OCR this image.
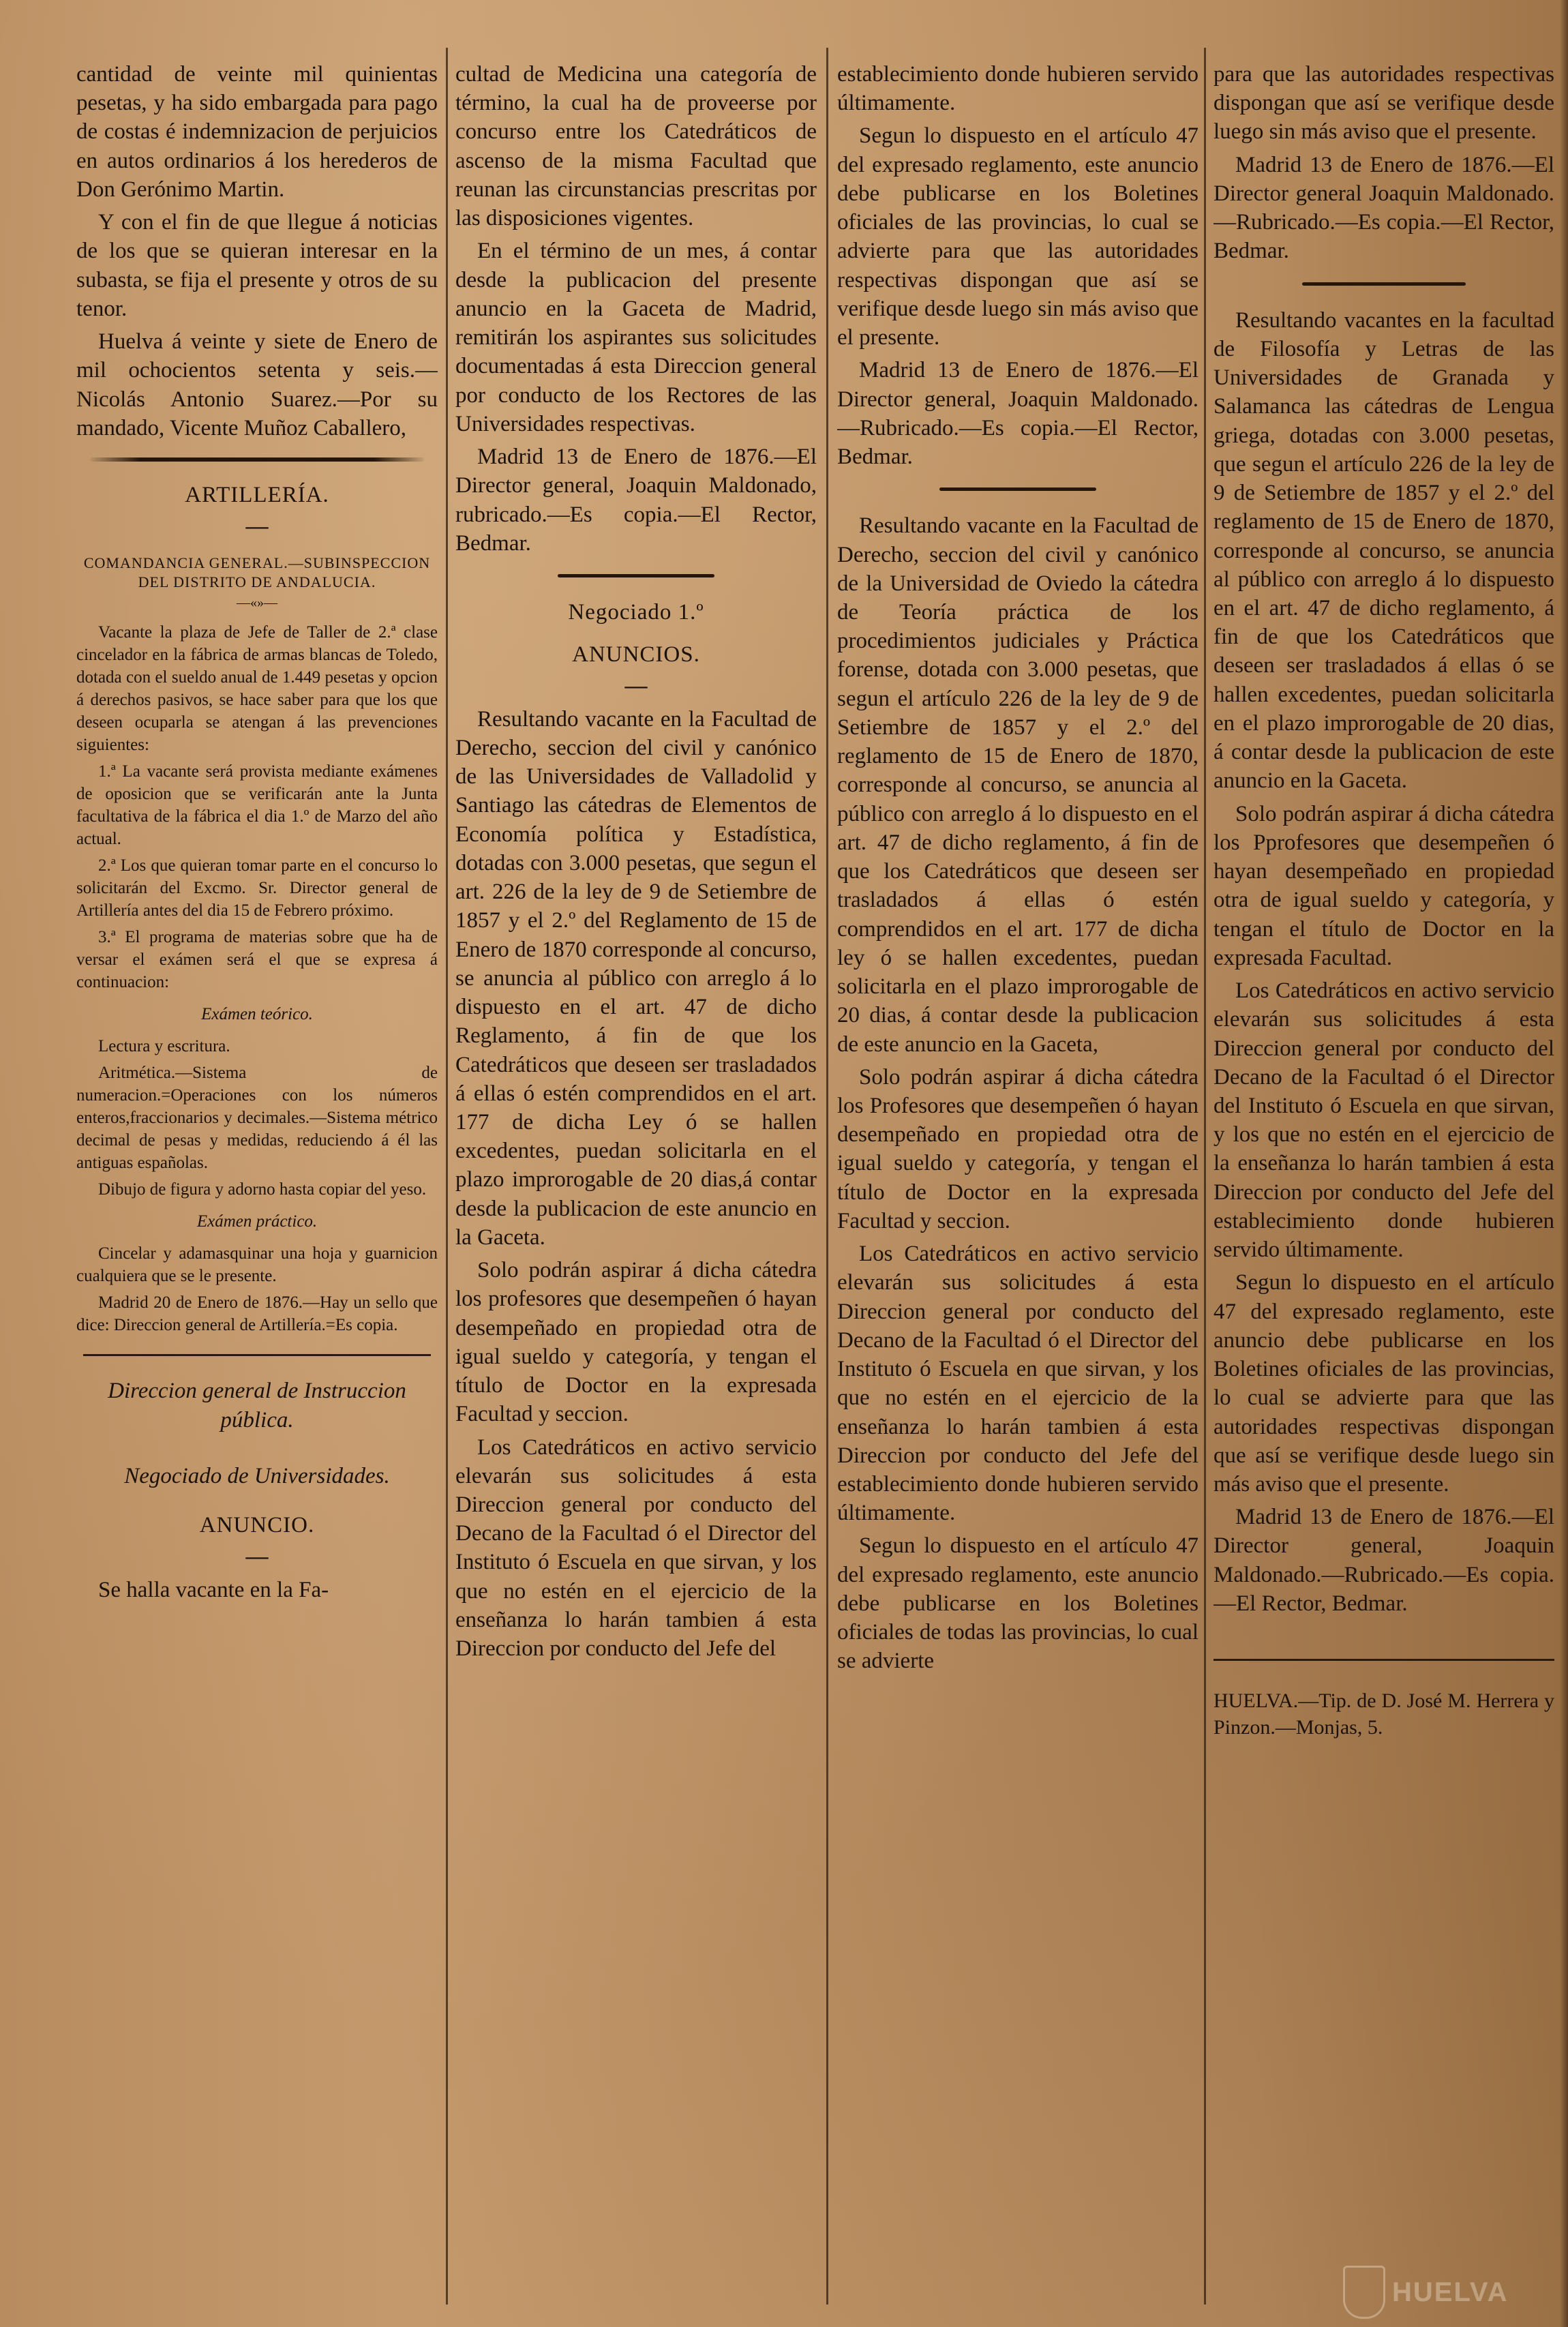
cantidad de veinte mil quinientas pesetas, y ha sido embargada para pago de costas é indemnizacion de perjuicios en autos ordinarios á los herederos de Don Gerónimo Martin.

Y con el fin de que llegue á noticias de los que se quieran interesar en la subasta, se fija el presente y otros de su tenor.

Huelva á veinte y siete de Enero de mil ochocientos setenta y seis.—Nicolás Antonio Suarez.—Por su mandado, Vicente Muñoz Caballero,

ARTILLERÍA.
—
COMANDANCIA GENERAL.—SUBINSPECCION DEL DISTRITO DE ANDALUCIA.
—«»—

Vacante la plaza de Jefe de Taller de 2.ª clase cincelador en la fábrica de armas blancas de Toledo, dotada con el sueldo anual de 1.449 pesetas y opcion á derechos pasivos, se hace saber para que los que deseen ocuparla se atengan á las prevenciones siguientes:

1.ª La vacante será provista mediante exámenes de oposicion que se verificarán ante la Junta facultativa de la fábrica el dia 1.º de Marzo del año actual.

2.ª Los que quieran tomar parte en el concurso lo solicitarán del Excmo. Sr. Director general de Artillería antes del dia 15 de Febrero próximo.

3.ª El programa de materias sobre que ha de versar el exámen será el que se expresa á continuacion:

Exámen teórico.

Lectura y escritura.

Aritmética.—Sistema de numeracion.=Operaciones con los números enteros,fraccionarios y decimales.—Sistema métrico decimal de pesas y medidas, reduciendo á él las antiguas españolas.

Dibujo de figura y adorno hasta copiar del yeso.

Exámen práctico.

Cincelar y adamasquinar una hoja y guarnicion cualquiera que se le presente.

Madrid 20 de Enero de 1876.—Hay un sello que dice: Direccion general de Artillería.=Es copia.

Direccion general de Instruccion pública.

Negociado de Universidades.

ANUNCIO.
—

Se halla vacante en la Fa-

cultad de Medicina una categoría de término, la cual ha de proveerse por concurso entre los Catedráticos de ascenso de la misma Facultad que reunan las circunstancias prescritas por las disposiciones vigentes.

En el término de un mes, á contar desde la publicacion del presente anuncio en la Gaceta de Madrid, remitirán los aspirantes sus solicitudes documentadas á esta Direccion general por conducto de los Rectores de las Universidades respectivas.

Madrid 13 de Enero de 1876.—El Director general, Joaquin Maldonado, rubricado.—Es copia.—El Rector, Bedmar.

Negociado 1.º
ANUNCIOS.
—

Resultando vacante en la Facultad de Derecho, seccion del civil y canónico de las Universidades de Valladolid y Santiago las cátedras de Elementos de Economía política y Estadística, dotadas con 3.000 pesetas, que segun el art. 226 de la ley de 9 de Setiembre de 1857 y el 2.º del Reglamento de 15 de Enero de 1870 corresponde al concurso, se anuncia al público con arreglo á lo dispuesto en el art. 47 de dicho Reglamento, á fin de que los Catedráticos que deseen ser trasladados á ellas ó estén comprendidos en el art. 177 de dicha Ley ó se hallen excedentes, puedan solicitarla en el plazo improrogable de 20 dias,á contar desde la publicacion de este anuncio en la Gaceta.

Solo podrán aspirar á dicha cátedra los profesores que desempeñen ó hayan desempeñado en propiedad otra de igual sueldo y categoría, y tengan el título de Doctor en la expresada Facultad y seccion.

Los Catedráticos en activo servicio elevarán sus solicitudes á esta Direccion general por conducto del Decano de la Facultad ó el Director del Instituto ó Escuela en que sirvan, y los que no estén en el ejercicio de la enseñanza lo harán tambien á esta Direccion por conducto del Jefe del

establecimiento donde hubieren servido últimamente.

Segun lo dispuesto en el artículo 47 del expresado reglamento, este anuncio debe publicarse en los Boletines oficiales de las provincias, lo cual se advierte para que las autoridades respectivas dispongan que así se verifique desde luego sin más aviso que el presente.

Madrid 13 de Enero de 1876.—El Director general, Joaquin Maldonado.—Rubricado.—Es copia.—El Rector, Bedmar.

Resultando vacante en la Facultad de Derecho, seccion del civil y canónico de la Universidad de Oviedo la cátedra de Teoría práctica de los procedimientos judiciales y Práctica forense, dotada con 3.000 pesetas, que segun el artículo 226 de la ley de 9 de Setiembre de 1857 y el 2.º del reglamento de 15 de Enero de 1870, corresponde al concurso, se anuncia al público con arreglo á lo dispuesto en el art. 47 de dicho reglamento, á fin de que los Catedráticos que deseen ser trasladados á ellas ó estén comprendidos en el art. 177 de dicha ley ó se hallen excedentes, puedan solicitarla en el plazo improrogable de 20 dias, á contar desde la publicacion de este anuncio en la Gaceta,

Solo podrán aspirar á dicha cátedra los Profesores que desempeñen ó hayan desempeñado en propiedad otra de igual sueldo y categoría, y tengan el título de Doctor en la expresada Facultad y seccion.

Los Catedráticos en activo servicio elevarán sus solicitudes á esta Direccion general por conducto del Decano de la Facultad ó el Director del Instituto ó Escuela en que sirvan, y los que no estén en el ejercicio de la enseñanza lo harán tambien á esta Direccion por conducto del Jefe del establecimiento donde hubieren servido últimamente.

Segun lo dispuesto en el artículo 47 del expresado reglamento, este anuncio debe publicarse en los Boletines oficiales de todas las provincias, lo cual se advierte

para que las autoridades respectivas dispongan que así se verifique desde luego sin más aviso que el presente.

Madrid 13 de Enero de 1876.—El Director general Joaquin Maldonado.—Rubricado.—Es copia.—El Rector, Bedmar.

Resultando vacantes en la facultad de Filosofía y Letras de las Universidades de Granada y Salamanca las cátedras de Lengua griega, dotadas con 3.000 pesetas, que segun el artículo 226 de la ley de 9 de Setiembre de 1857 y el 2.º del reglamento de 15 de Enero de 1870, corresponde al concurso, se anuncia al público con arreglo á lo dispuesto en el art. 47 de dicho reglamento, á fin de que los Catedráticos que deseen ser trasladados á ellas ó se hallen excedentes, puedan solicitarla en el plazo improrogable de 20 dias, á contar desde la publicacion de este anuncio en la Gaceta.

Solo podrán aspirar á dicha cátedra los Pprofesores que desempeñen ó hayan desempeñado en propiedad otra de igual sueldo y categoría, y tengan el título de Doctor en la expresada Facultad.

Los Catedráticos en activo servicio elevarán sus solicitudes á esta Direccion general por conducto del Decano de la Facultad ó el Director del Instituto ó Escuela en que sirvan, y los que no estén en el ejercicio de la enseñanza lo harán tambien á esta Direccion por conducto del Jefe del establecimiento donde hubieren servido últimamente.

Segun lo dispuesto en el artículo 47 del expresado reglamento, este anuncio debe publicarse en los Boletines oficiales de las provincias, lo cual se advierte para que las autoridades respectivas dispongan que así se verifique desde luego sin más aviso que el presente.

Madrid 13 de Enero de 1876.—El Director general, Joaquin Maldonado.—Rubricado.—Es copia.—El Rector, Bedmar.

HUELVA.—Tip. de D. José M. Herrera y Pinzon.—Monjas, 5.

HUELVA
